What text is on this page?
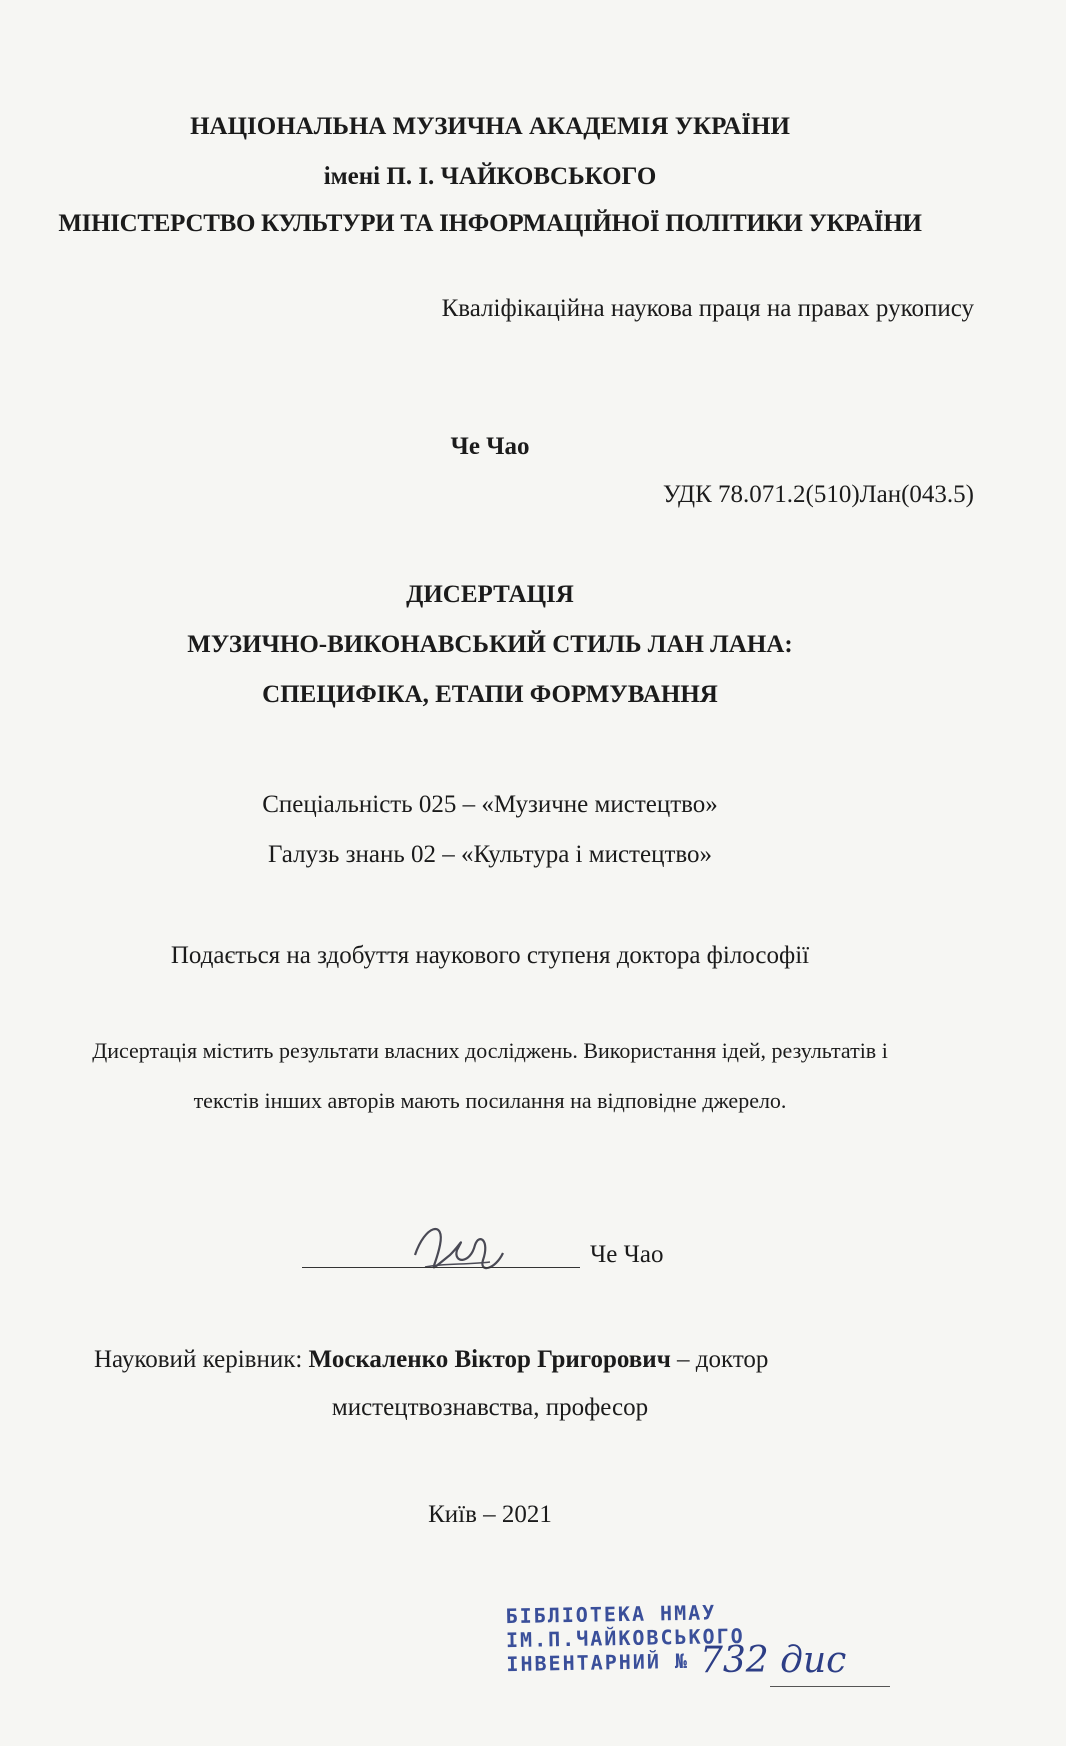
НАЦІОНАЛЬНА МУЗИЧНА АКАДЕМІЯ УКРАЇНИ
імені П. І. ЧАЙКОВСЬКОГО
МІНІСТЕРСТВО КУЛЬТУРИ ТА ІНФОРМАЦІЙНОЇ ПОЛІТИКИ УКРАЇНИ
Кваліфікаційна наукова праця на правах рукопису
Че Чао
УДК 78.071.2(510)Лан(043.5)
ДИСЕРТАЦІЯ
МУЗИЧНО-ВИКОНАВСЬКИЙ СТИЛЬ ЛАН ЛАНА:
СПЕЦИФІКА, ЕТАПИ ФОРМУВАННЯ
Спеціальність 025 – «Музичне мистецтво»
Галузь знань 02 – «Культура і мистецтво»
Подається на здобуття наукового ступеня доктора філософії
Дисертація містить результати власних досліджень. Використання ідей, результатів і
текстів інших авторів мають посилання на відповідне джерело.
Че Чао
Науковий керівник: Москаленко Віктор Григорович – доктор
мистецтвознавства, професор
Київ – 2021
БІБЛІОТЕКА НМАУ
ІМ.П.ЧАЙКОВСЬКОГО
ІНВЕНТАРНИЙ № 732 дис
